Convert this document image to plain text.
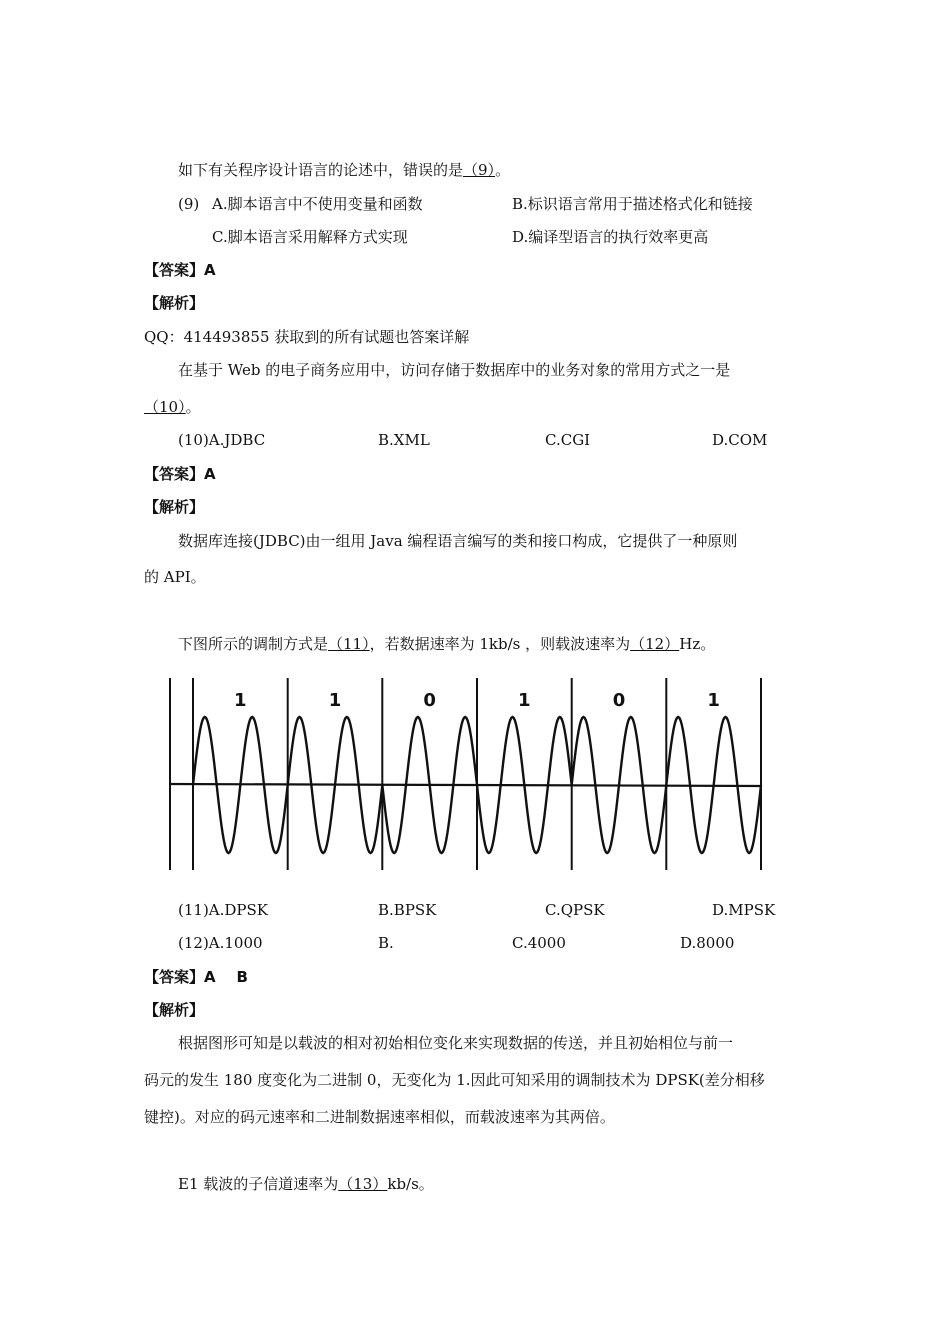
如下有关程序设计语言的论述中，错误的是（9）。
(9) A.脚本语言中不使用变量和函数	B.标识语言常用于描述格式化和链接
C.脚本语言采用解释方式实现	D.编译型语言的执行效率更高
【答案】A
【解析】
QQ：414493855 获取到的所有试题也答案详解
在基于 Web 的电子商务应用中，访问存储于数据库中的业务对象的常用方式之一是
（10）。
(10)A.JDBC	B.XML	C.CGI	D.COM
【答案】A
【解析】
数据库连接(JDBC)由一组用 Java 编程语言编写的类和接口构成，它提供了一种原则
的 API。
下图所示的调制方式是（11），若数据速率为 1kb/s ，则载波速率为（12）Hz。
1	1	0	1	0	1
(11)A.DPSK	B.BPSK	C.QPSK	D.MPSK
(12)A.1000	B.	C.4000	D.8000
【答案】A    B
【解析】
根据图形可知是以载波的相对初始相位变化来实现数据的传送，并且初始相位与前一
码元的发生 180 度变化为二进制 0，无变化为 1.因此可知采用的调制技术为 DPSK(差分相移
键控)。对应的码元速率和二进制数据速率相似，而载波速率为其两倍。
E1 载波的子信道速率为（13）kb/s。
